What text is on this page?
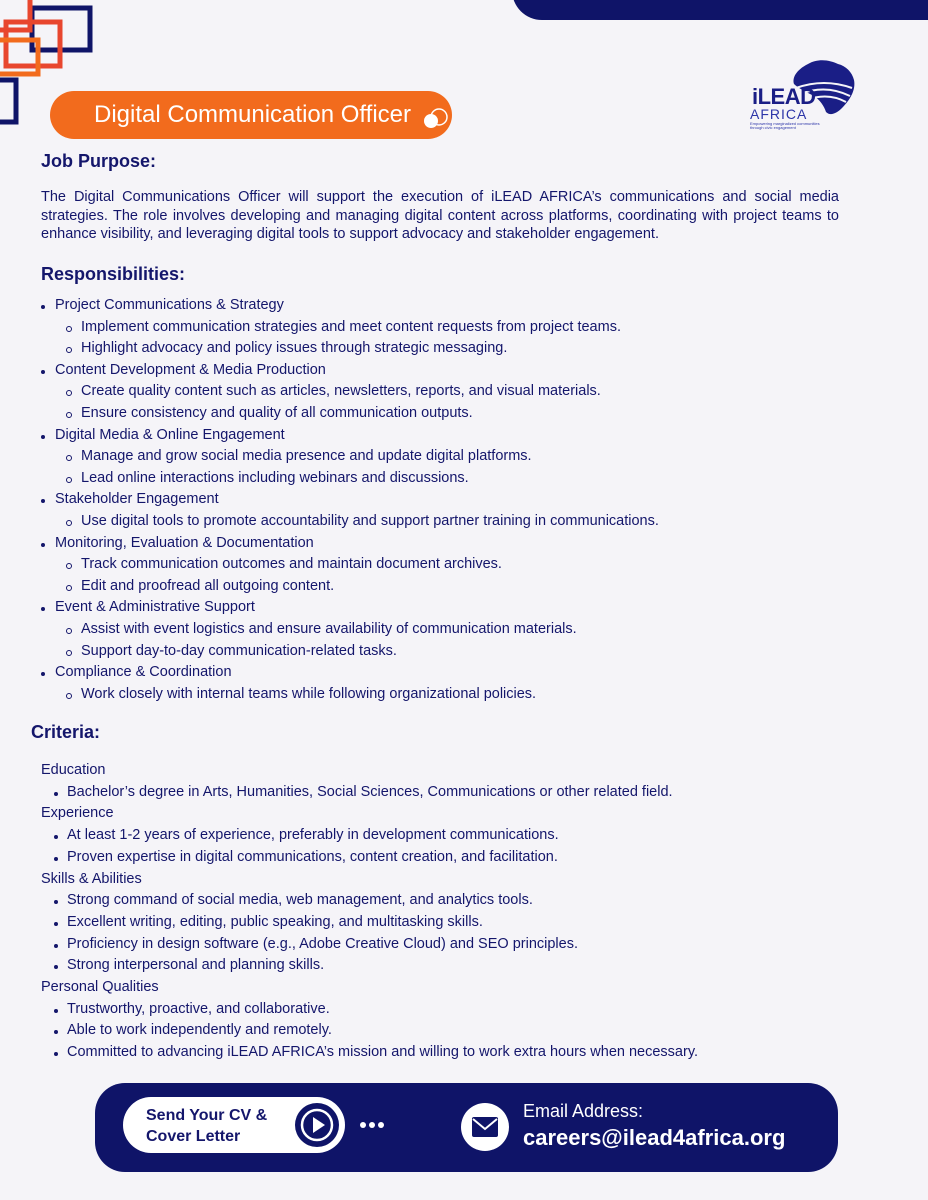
Digital Communication Officer
iLEAD
AFRICA
Empowering marginalized communities through civic engagement
Job Purpose:
The Digital Communications Officer will support the execution of iLEAD AFRICA’s communications and social media strategies. The role involves developing and managing digital content across platforms, coordinating with project teams to enhance visibility, and leveraging digital tools to support advocacy and stakeholder engagement.
Responsibilities:
Project Communications & Strategy
Implement communication strategies and meet content requests from project teams.
Highlight advocacy and policy issues through strategic messaging.
Content Development & Media Production
Create quality content such as articles, newsletters, reports, and visual materials.
Ensure consistency and quality of all communication outputs.
Digital Media & Online Engagement
Manage and grow social media presence and update digital platforms.
Lead online interactions including webinars and discussions.
Stakeholder Engagement
Use digital tools to promote accountability and support partner training in communications.
Monitoring, Evaluation & Documentation
Track communication outcomes and maintain document archives.
Edit and proofread all outgoing content.
Event & Administrative Support
Assist with event logistics and ensure availability of communication materials.
Support day-to-day communication-related tasks.
Compliance & Coordination
Work closely with internal teams while following organizational policies.
Criteria:
Education
Bachelor’s degree in Arts, Humanities, Social Sciences, Communications or other related field.
Experience
At least 1-2 years of experience, preferably in development communications.
Proven expertise in digital communications, content creation, and facilitation.
Skills & Abilities
Strong command of social media, web management, and analytics tools.
Excellent writing, editing, public speaking, and multitasking skills.
Proficiency in design software (e.g., Adobe Creative Cloud) and SEO principles.
Strong interpersonal and planning skills.
Personal Qualities
Trustworthy, proactive, and collaborative.
Able to work independently and remotely.
Committed to advancing iLEAD AFRICA’s mission and willing to work extra hours when necessary.
Send Your CV &
Cover Letter
Email Address:
careers@ilead4africa.org
